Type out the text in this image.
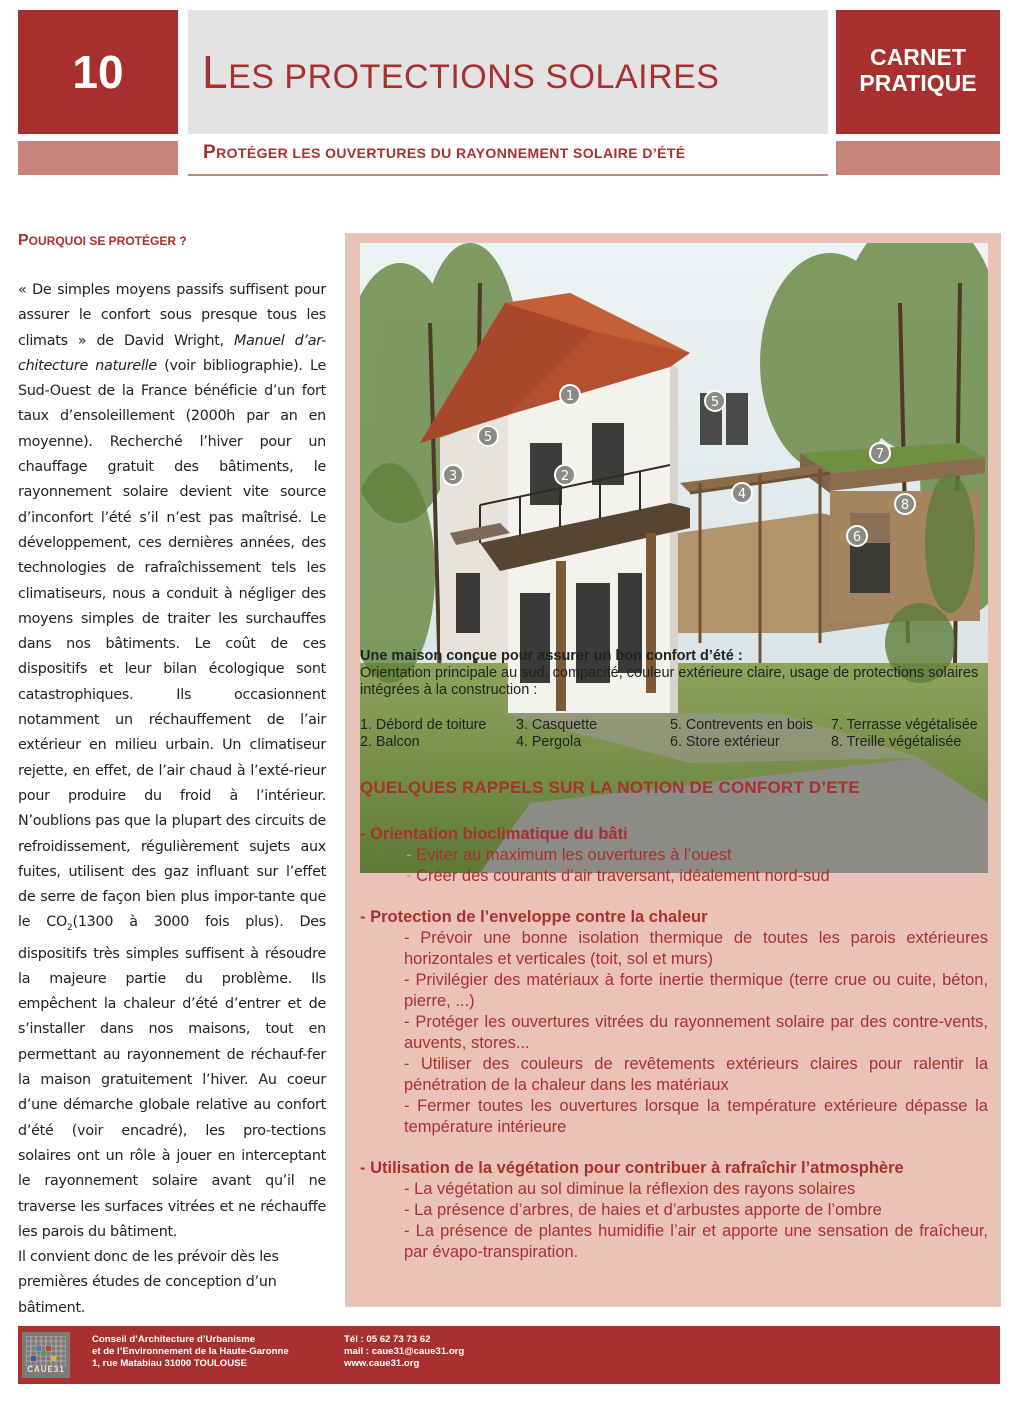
10 LES PROTECTIONS SOLAIRES
CARNET
PRATIQUE
PROTÉGER LES OUVERTURES DU RAYONNEMENT SOLAIRE D’ÉTÉ
POURQUOI SE PROTÉGER ?

« De simples moyens passifs suffisent pour assurer le confort sous presque tous les climats » de David Wright, Manuel d’ar-chitecture naturelle (voir bibliographie). Le Sud-Ouest de la France bénéficie d’un fort taux d’ensoleillement (2000h par an en moyenne). Recherché l’hiver pour un chauffage gratuit des bâtiments, le rayonnement solaire devient vite source d’inconfort l’été s’il n’est pas maîtrisé. Le développement, ces dernières années, des technologies de rafraîchissement tels les climatiseurs, nous a conduit à négliger des moyens simples de traiter les surchauffes dans nos bâtiments. Le coût de ces dispositifs et leur bilan écologique sont catastrophiques. Ils occasionnent notamment un réchauffement de l’air extérieur en milieu urbain. Un climatiseur rejette, en effet, de l’air chaud à l’exté-rieur pour produire du froid à l’intérieur. N’oublions pas que la plupart des circuits de refroidissement, régulièrement sujets aux fuites, utilisent des gaz influant sur l’effet de serre de façon bien plus impor-tante que le $CO_2(1300$ à 3000 fois plus). Des dispositifs très simples suffisent à résoudre la majeure partie du problème. Ils empêchent la chaleur d’été d’entrer et de s’installer dans nos maisons, tout en permettant au rayonnement de réchauf-fer la maison gratuitement l’hiver. Au coeur d’une démarche globale relative au confort d’été (voir encadré), les pro-tections solaires ont un rôle à jouer en interceptant le rayonnement solaire avant qu’il ne traverse les surfaces vitrées et ne réchauffe les parois du bâtiment.

Il convient donc de les prévoir dès les premières études de conception d’un bâtiment.

1
2
3
4
5
5
6
7
8
Une maison conçue pour assurer un bon confort d’été :
Orientation principale au sud, compacité, couleur extérieure claire, usage de protections solaires intégrées à la construction :
1. Débord de toiture
2. Balcon
3. Casquette
4. Pergola
5. Contrevents en bois
6. Store extérieur
7. Terrasse végétalisée
8. Treille végétalisée
QUELQUES RAPPELS SUR LA NOTION DE CONFORT D’ETE
- Orientation bioclimatique du bâti
- Eviter au maximum les ouvertures à l’ouest
- Créer des courants d’air traversant, idéalement nord-sud
- Protection de l’enveloppe contre la chaleur
- Prévoir une bonne isolation thermique de toutes les parois extérieures horizontales et verticales (toit, sol et murs)
- Privilégier des matériaux à forte inertie thermique (terre crue ou cuite, béton, pierre, ...)
- Protéger les ouvertures vitrées du rayonnement solaire par des contre-vents, auvents, stores...
- Utiliser des couleurs de revêtements extérieurs claires pour ralentir la pénétration de la chaleur dans les matériaux
- Fermer toutes les ouvertures lorsque la température extérieure dépasse la température intérieure
- Utilisation de la végétation pour contribuer à rafraîchir l’atmosphère
- La végétation au sol diminue la réflexion des rayons solaires
- La présence d’arbres, de haies et d’arbustes apporte de l’ombre
- La présence de plantes humidifie l’air et apporte une sensation de fraîcheur, par évapo-transpiration.
CAUE31
Conseil d’Architecture d’Urbanisme
et de l’Environnement de la Haute-Garonne
1, rue Matabiau 31000 TOULOUSE
Tél : 05 62 73 73 62
mail : caue31@caue31.org
www.caue31.org
